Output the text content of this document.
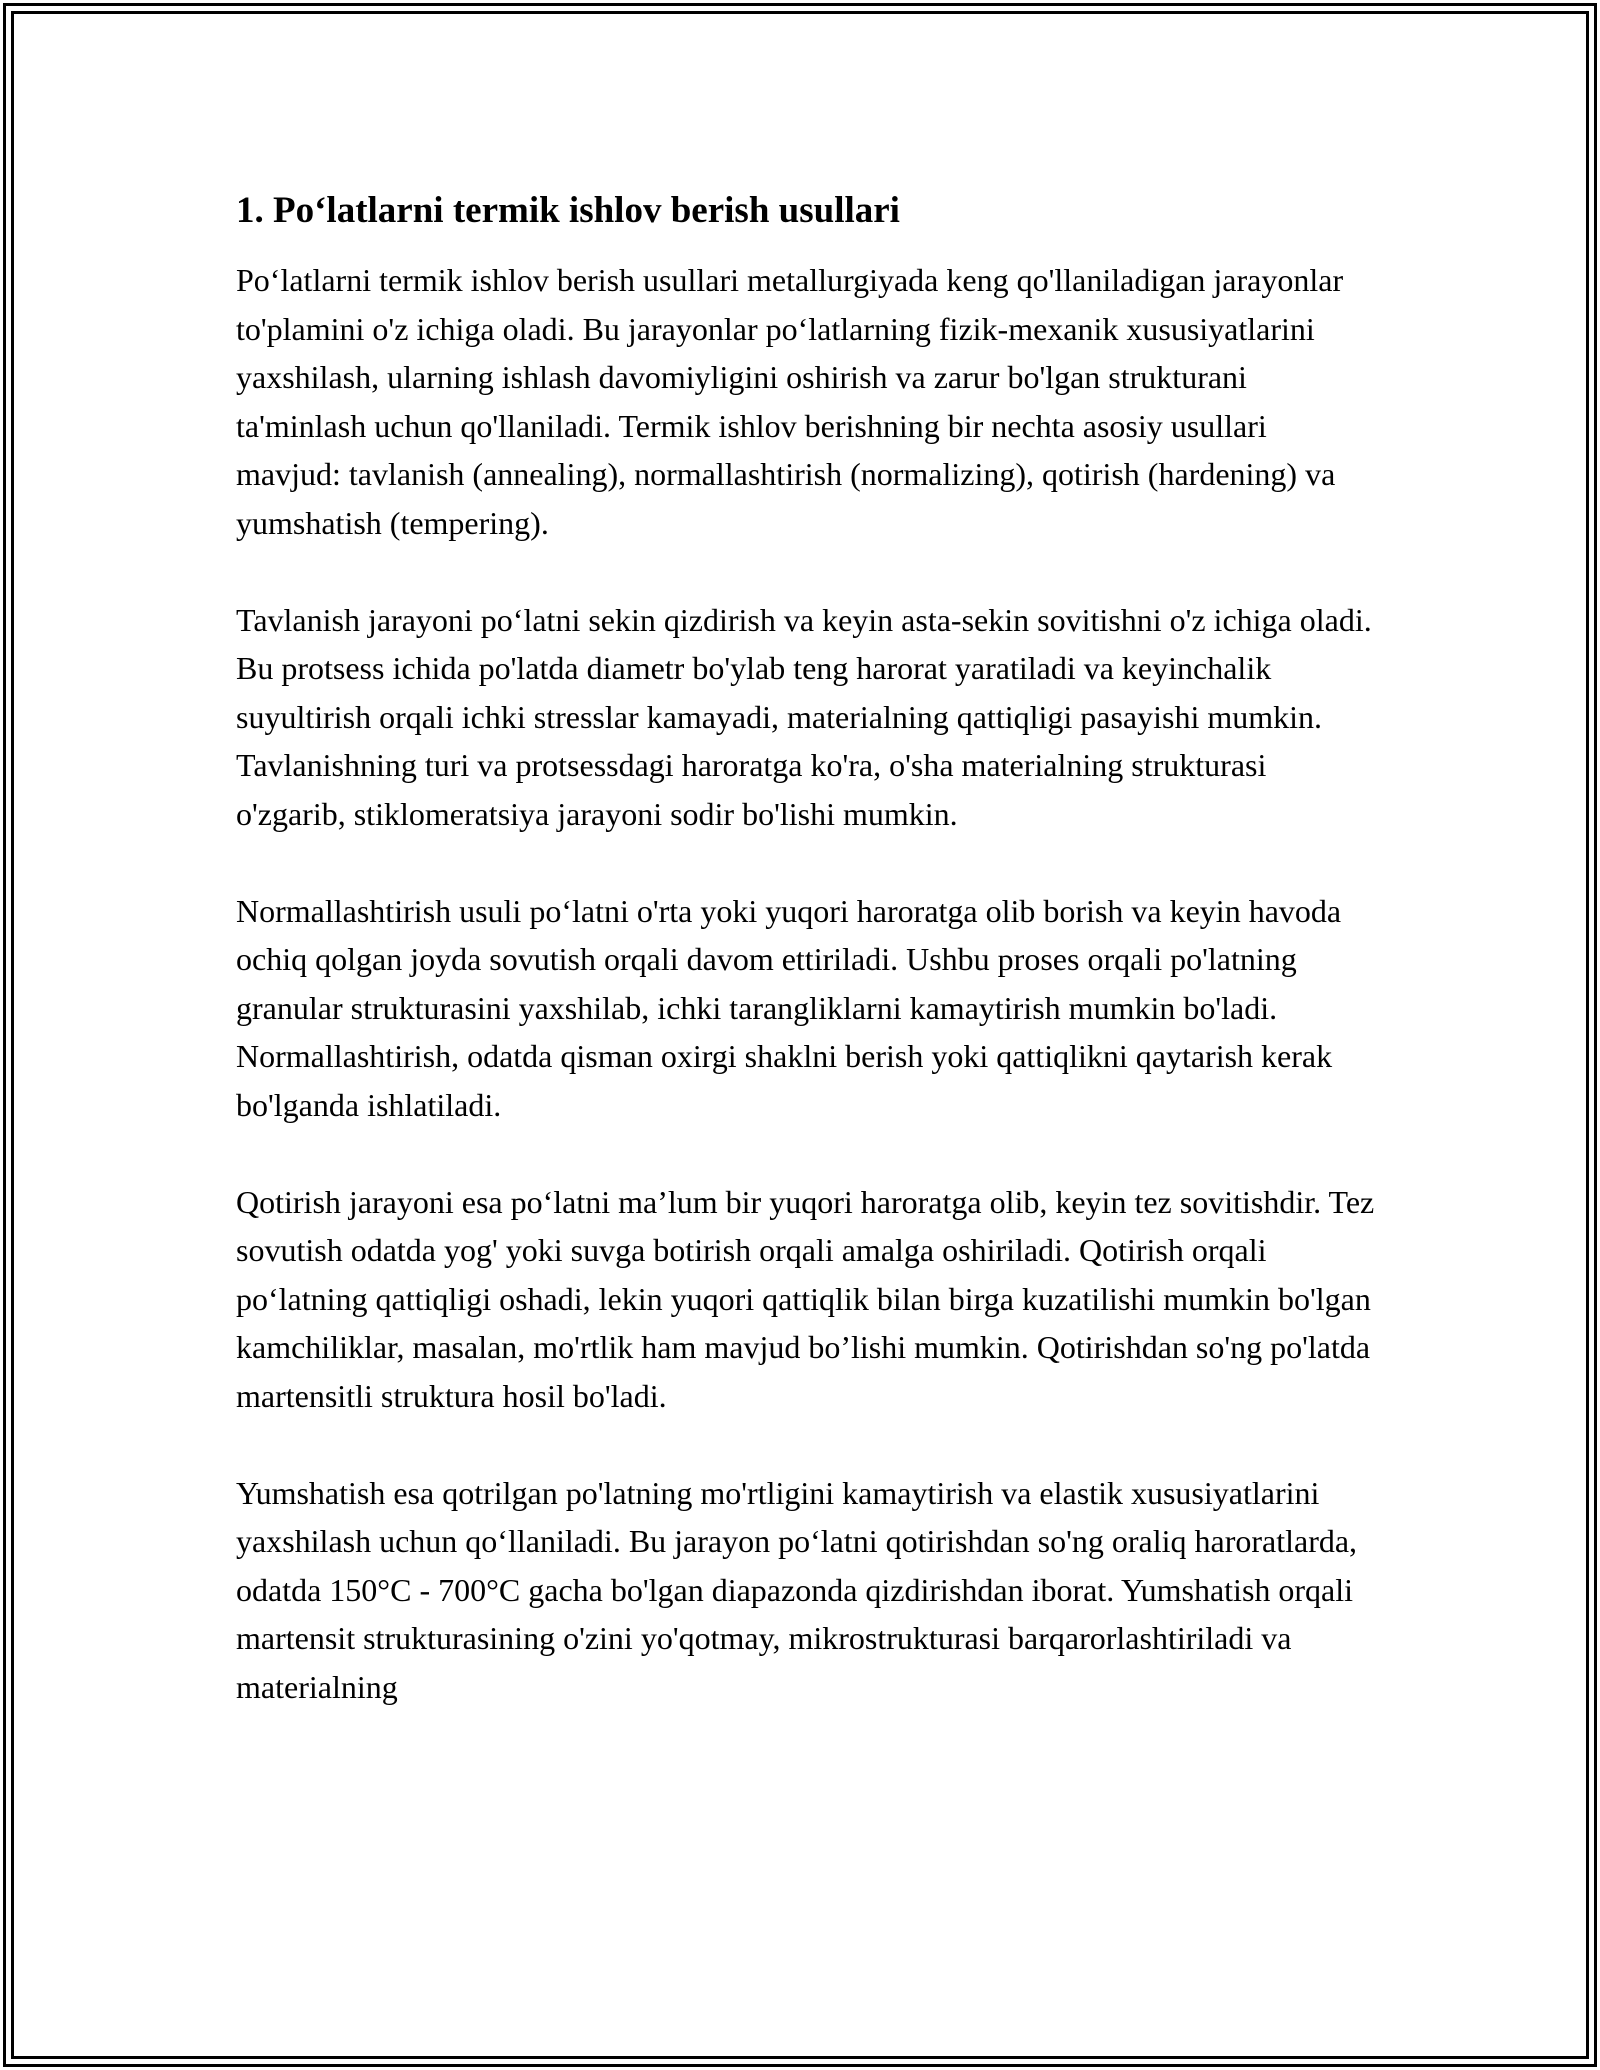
1. Po‘latlarni termik ishlov berish usullari

Po‘latlarni termik ishlov berish usullari metallurgiyada keng qo'llaniladigan jarayonlar to'plamini o'z ichiga oladi. Bu jarayonlar po‘latlarning fizik-mexanik xususiyatlarini yaxshilash, ularning ishlash davomiyligini oshirish va zarur bo'lgan strukturani ta'minlash uchun qo'llaniladi. Termik ishlov berishning bir nechta asosiy usullari mavjud: tavlanish (annealing), normallashtirish (normalizing), qotirish (hardening) va yumshatish (tempering).

Tavlanish jarayoni po‘latni sekin qizdirish va keyin asta-sekin sovitishni o'z ichiga oladi. Bu protsess ichida po'latda diametr bo'ylab teng harorat yaratiladi va keyinchalik suyultirish orqali ichki stresslar kamayadi, materialning qattiqligi pasayishi mumkin. Tavlanishning turi va protsessdagi haroratga ko'ra, o'sha materialning strukturasi o'zgarib, stiklomeratsiya jarayoni sodir bo'lishi mumkin.

Normallashtirish usuli po‘latni o'rta yoki yuqori haroratga olib borish va keyin havoda ochiq qolgan joyda sovutish orqali davom ettiriladi. Ushbu proses orqali po'latning granular strukturasini yaxshilab, ichki tarangliklarni kamaytirish mumkin bo'ladi. Normallashtirish, odatda qisman oxirgi shaklni berish yoki qattiqlikni qaytarish kerak bo'lganda ishlatiladi.

Qotirish jarayoni esa po‘latni ma’lum bir yuqori haroratga olib, keyin tez sovitishdir. Tez sovutish odatda yog' yoki suvga botirish orqali amalga oshiriladi. Qotirish orqali po‘latning qattiqligi oshadi, lekin yuqori qattiqlik bilan birga kuzatilishi mumkin bo'lgan kamchiliklar, masalan, mo'rtlik ham mavjud bo’lishi mumkin. Qotirishdan so'ng po'latda martensitli struktura hosil bo'ladi.

Yumshatish esa qotrilgan po'latning mo'rtligini kamaytirish va elastik xususiyatlarini yaxshilash uchun qo‘llaniladi. Bu jarayon po‘latni qotirishdan so'ng oraliq haroratlarda, odatda 150°C - 700°C gacha bo'lgan diapazonda qizdirishdan iborat. Yumshatish orqali martensit strukturasining o'zini yo'qotmay, mikrostrukturasi barqarorlashtiriladi va materialning
